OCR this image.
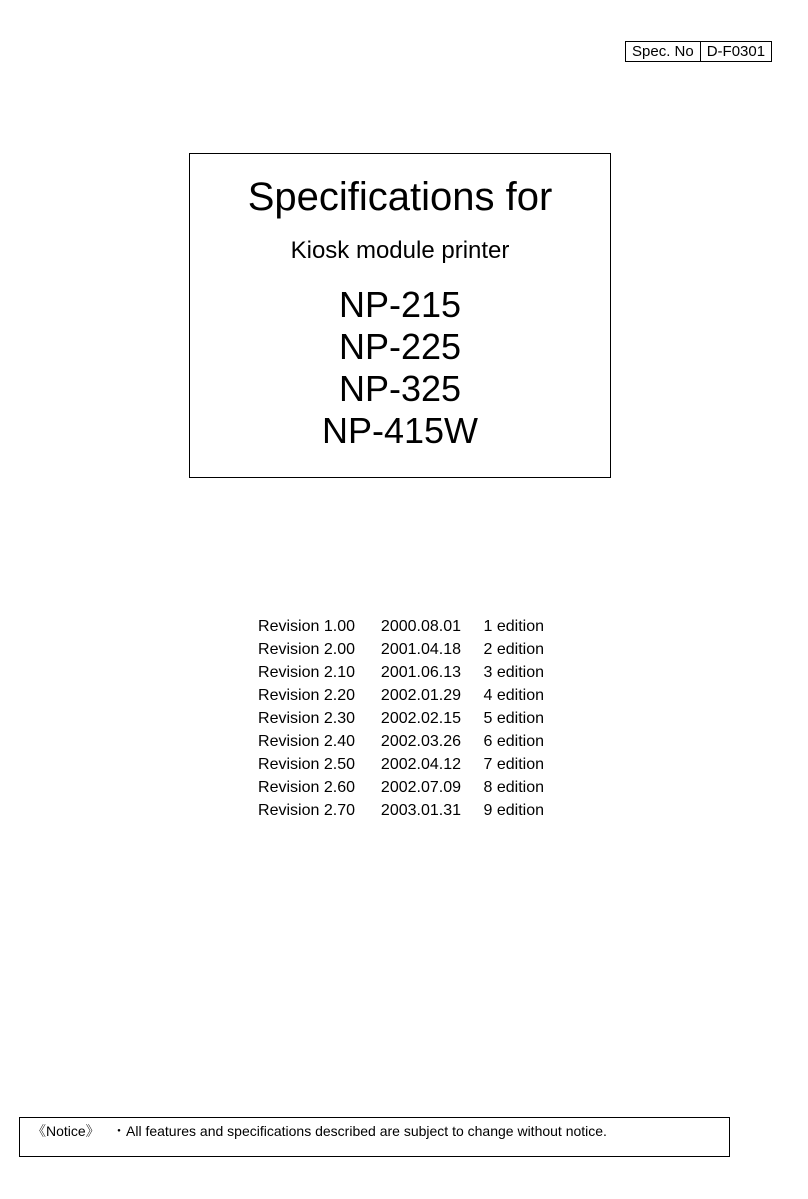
Spec. No D-F0301
Specifications for
Kiosk module printer
NP-215
NP-225
NP-325
NP-415W
Revision 1.00	2000.08.01	1 edition
Revision 2.00	2001.04.18	2 edition
Revision 2.10	2001.06.13	3 edition
Revision 2.20	2002.01.29	4 edition
Revision 2.30	2002.02.15	5 edition
Revision 2.40	2002.03.26	6 edition
Revision 2.50	2002.04.12	7 edition
Revision 2.60	2002.07.09	8 edition
Revision 2.70	2003.01.31	9 edition
《Notice》 ・All features and specifications described are subject to change without notice.
